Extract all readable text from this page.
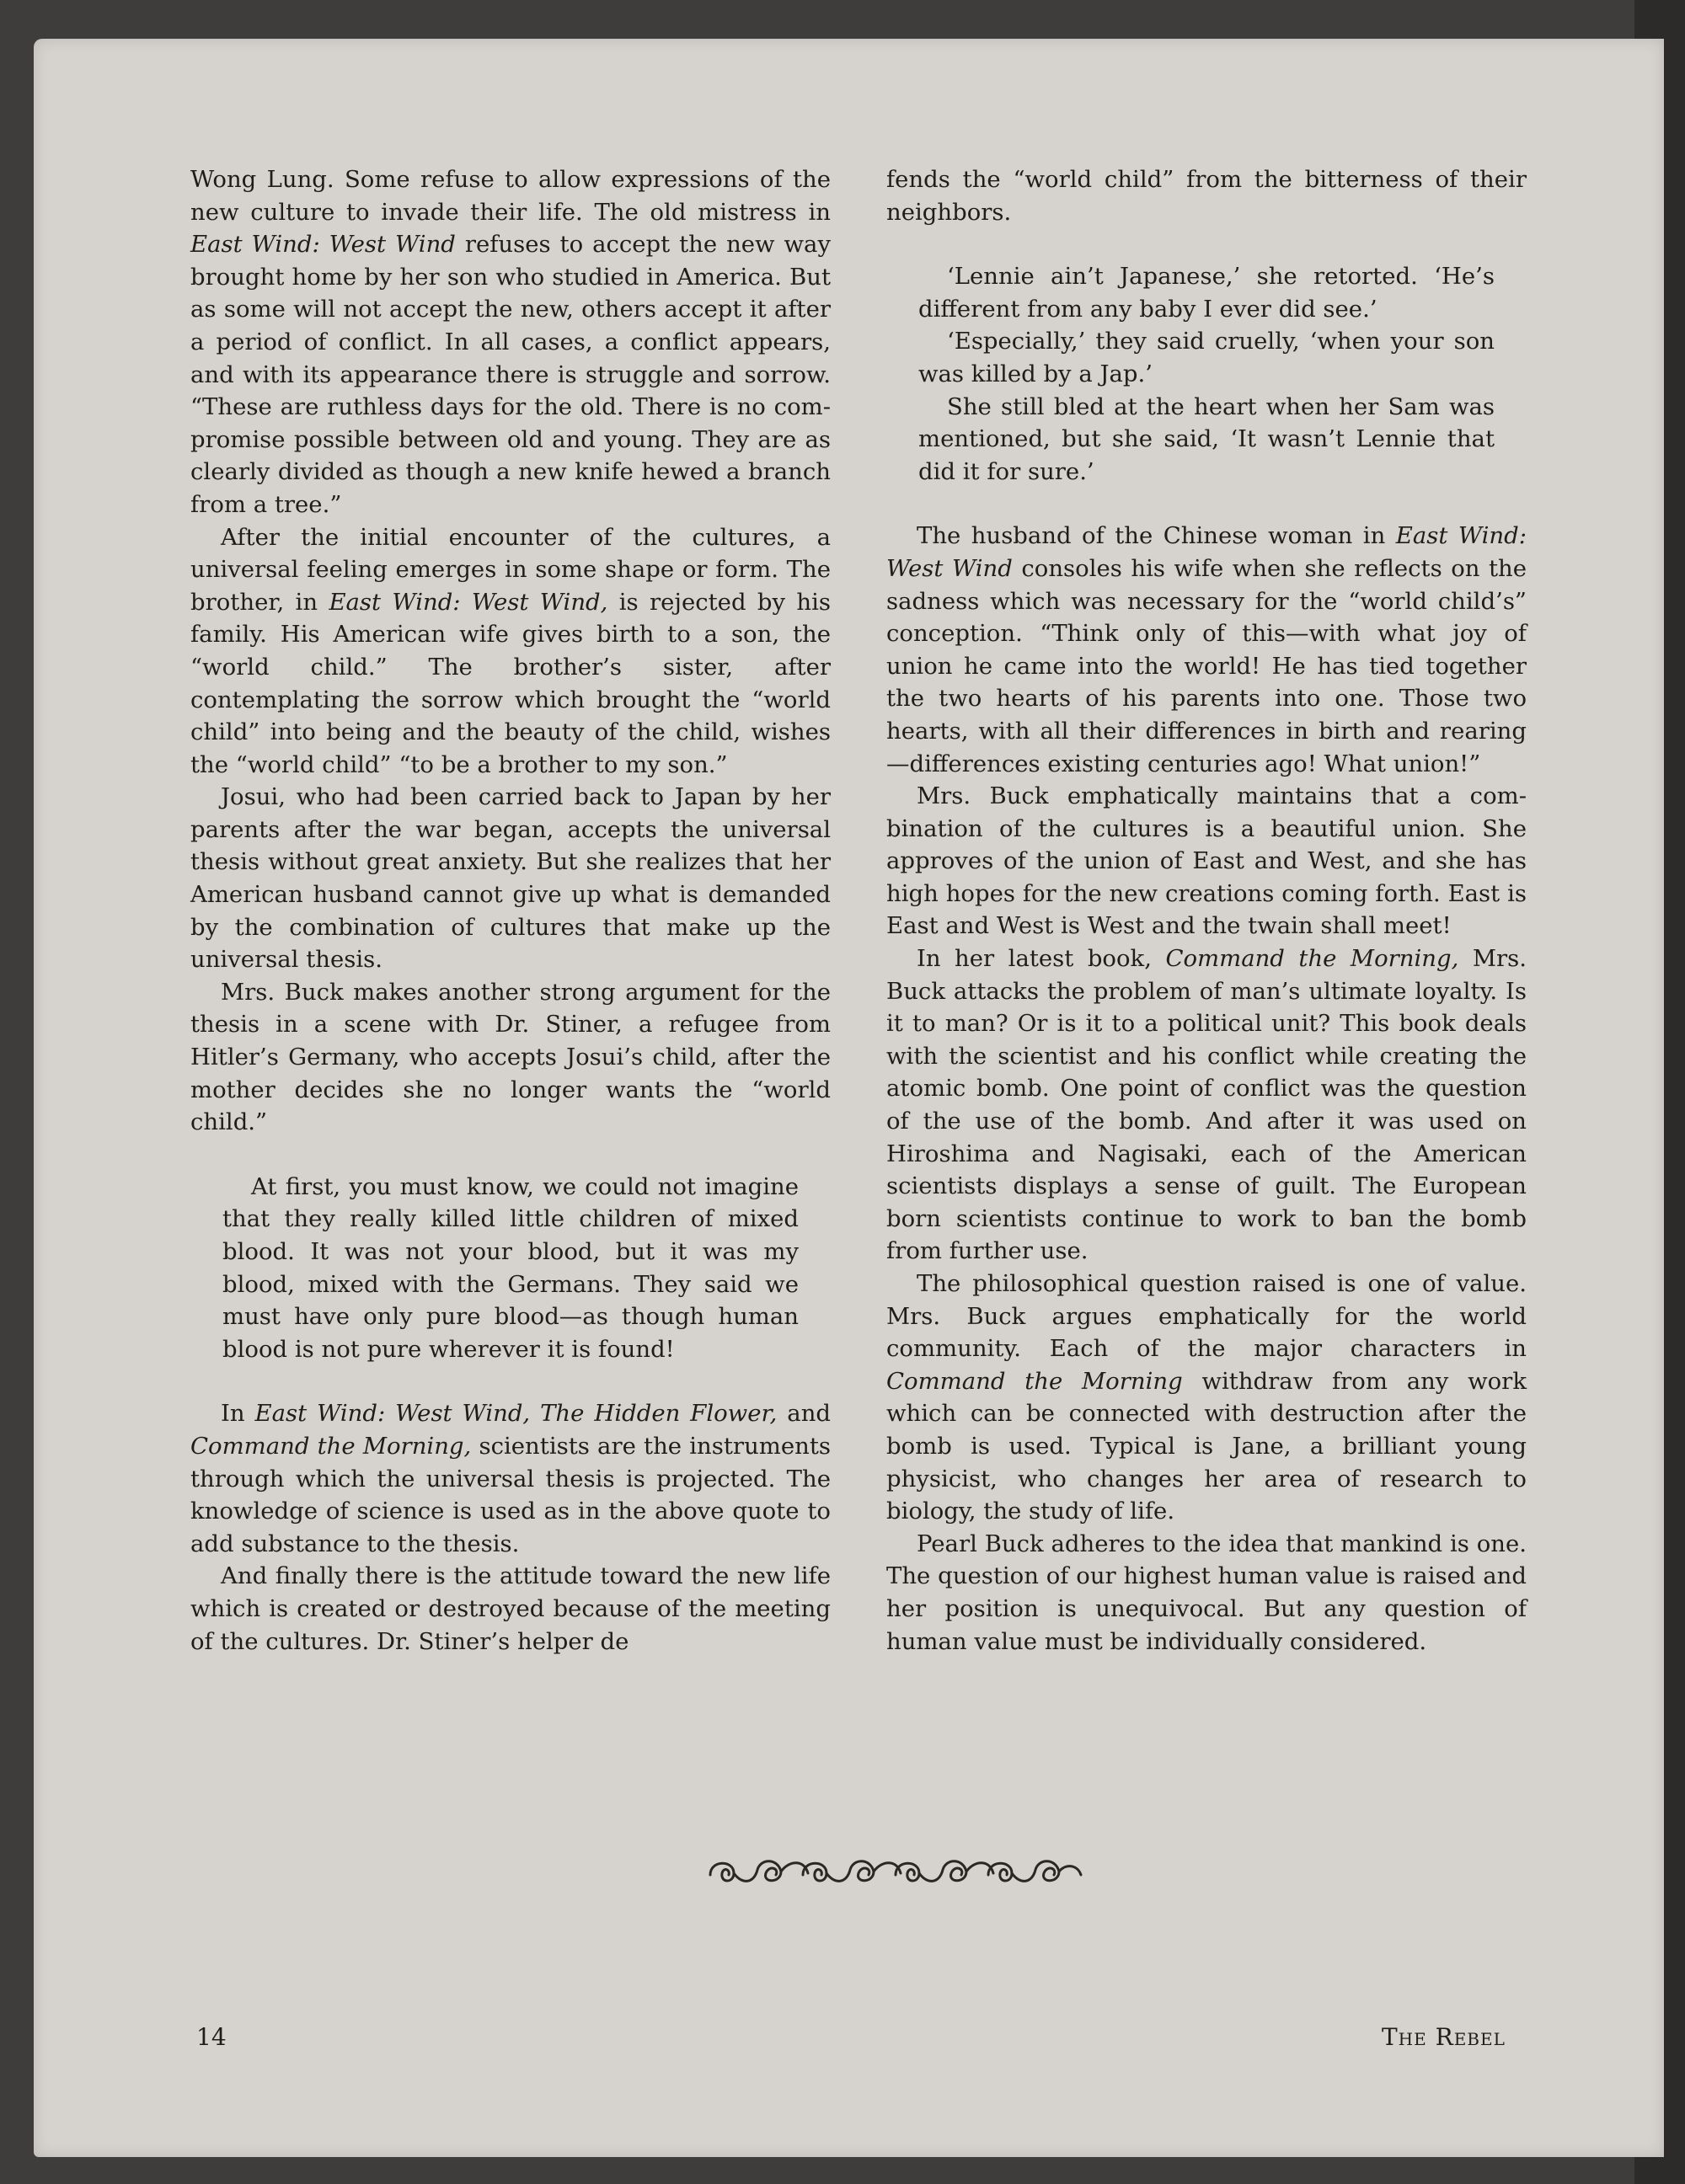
Wong Lung. Some refuse to allow expressions of the new culture to invade their life. The old mistress in East Wind: West Wind refuses to accept the new way brought home by her son who studied in America. But as some will not accept the new, others accept it after a period of conflict. In all cases, a conflict appears, and with its appearance there is struggle and sorrow. “These are ruthless days for the old. There is no compromise possible between old and young. They are as clearly divided as though a new knife hewed a branch from a tree.”

After the initial encounter of the cultures, a universal feeling emerges in some shape or form. The brother, in East Wind: West Wind, is rejected by his family. His American wife gives birth to a son, the “world child.” The brother’s sister, after contemplating the sorrow which brought the “world child” into being and the beauty of the child, wishes the “world child” “to be a brother to my son.”

Josui, who had been carried back to Japan by her parents after the war began, accepts the universal thesis without great anxiety. But she realizes that her American husband cannot give up what is demanded by the combination of cultures that make up the universal thesis.

Mrs. Buck makes another strong argument for the thesis in a scene with Dr. Stiner, a refugee from Hitler’s Germany, who accepts Josui’s child, after the mother decides she no longer wants the “world child.”

At first, you must know, we could not imagine that they really killed little children of mixed blood. It was not your blood, but it was my blood, mixed with the Germans. They said we must have only pure blood—as though human blood is not pure wherever it is found!

In East Wind: West Wind, The Hidden Flower, and Command the Morning, scientists are the instruments through which the universal thesis is projected. The knowledge of science is used as in the above quote to add substance to the thesis.

And finally there is the attitude toward the new life which is created or destroyed because of the meeting of the cultures. Dr. Stiner’s helper de

fends the “world child” from the bitterness of their neighbors.

‘Lennie ain’t Japanese,’ she retorted. ‘He’s different from any baby I ever did see.’

‘Especially,’ they said cruelly, ‘when your son was killed by a Jap.’

She still bled at the heart when her Sam was mentioned, but she said, ‘It wasn’t Lennie that did it for sure.’

The husband of the Chinese woman in East Wind: West Wind consoles his wife when she reflects on the sadness which was necessary for the “world child’s” conception. “Think only of this—with what joy of union he came into the world! He has tied together the two hearts of his parents into one. Those two hearts, with all their differences in birth and rearing—differences existing centuries ago! What union!”

Mrs. Buck emphatically maintains that a combination of the cultures is a beautiful union. She approves of the union of East and West, and she has high hopes for the new creations coming forth. East is East and West is West and the twain shall meet!

In her latest book, Command the Morning, Mrs. Buck attacks the problem of man’s ultimate loyalty. Is it to man? Or is it to a political unit? This book deals with the scientist and his conflict while creating the atomic bomb. One point of conflict was the question of the use of the bomb. And after it was used on Hiroshima and Nagisaki, each of the American scientists displays a sense of guilt. The European born scientists continue to work to ban the bomb from further use.

The philosophical question raised is one of value. Mrs. Buck argues emphatically for the world community. Each of the major characters in Command the Morning withdraw from any work which can be connected with destruction after the bomb is used. Typical is Jane, a brilliant young physicist, who changes her area of research to biology, the study of life.

Pearl Buck adheres to the idea that mankind is one. The question of our highest human value is raised and her position is unequivocal. But any question of human value must be individually considered.

14	The Rebel
